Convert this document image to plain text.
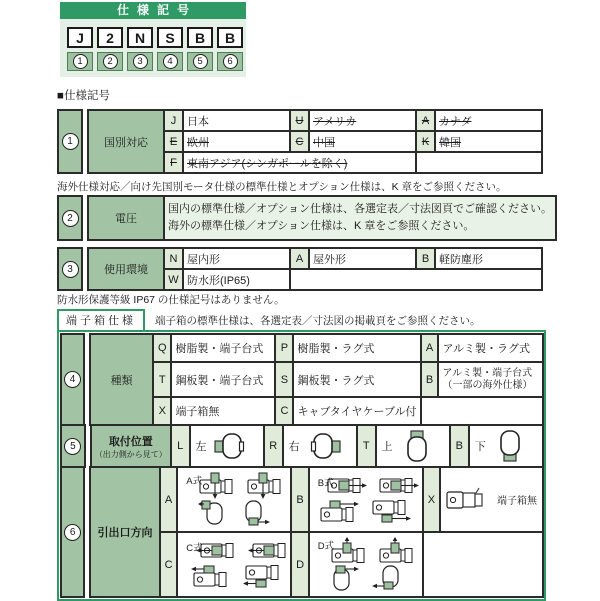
仕様記号
J	2	N	S	B	B
1	2	3	4	5	6
■仕様記号
1	国別対応	J	日本	U	アメリカ	A	カナダ
	E	欧州	C	中国	K	韓国
	F	東南アジア(シンガポールを除く)				
海外仕様対応／向け先国別モータ仕様の標準仕様とオプション仕様は、K 章をご参照ください。
2	電圧	
国内の標準仕様／オプション仕様は、各選定表／寸法図頁でご確認ください。
海外の標準仕様／オプション仕様は、K 章をご参照ください。
3	使用環境	N	屋内形	A	屋外形	B	軽防塵形
	W	防水形(IP65)				
防水形保護等級 IP67 の仕様記号はありません。
端子箱仕様	端子箱の標準仕様は、各選定表／寸法図の掲載頁をご参照ください。
4	種類	Q	樹脂製・端子台式	P	樹脂製・ラグ式	A	アルミ製・ラグ式
	T	鋼板製・端子台式	S	鋼板製・ラグ式	B	アルミ製・端子台式
（一部の海外仕様）

	X	端子箱無	C	キャブタイヤケーブル付		
5	取付位置
（出力側から見て）
	L	左	R	右	T	上	B	下
6	引出口方向	A	A式	B	B式	X	端子箱無

	C	C式	D	D式		
